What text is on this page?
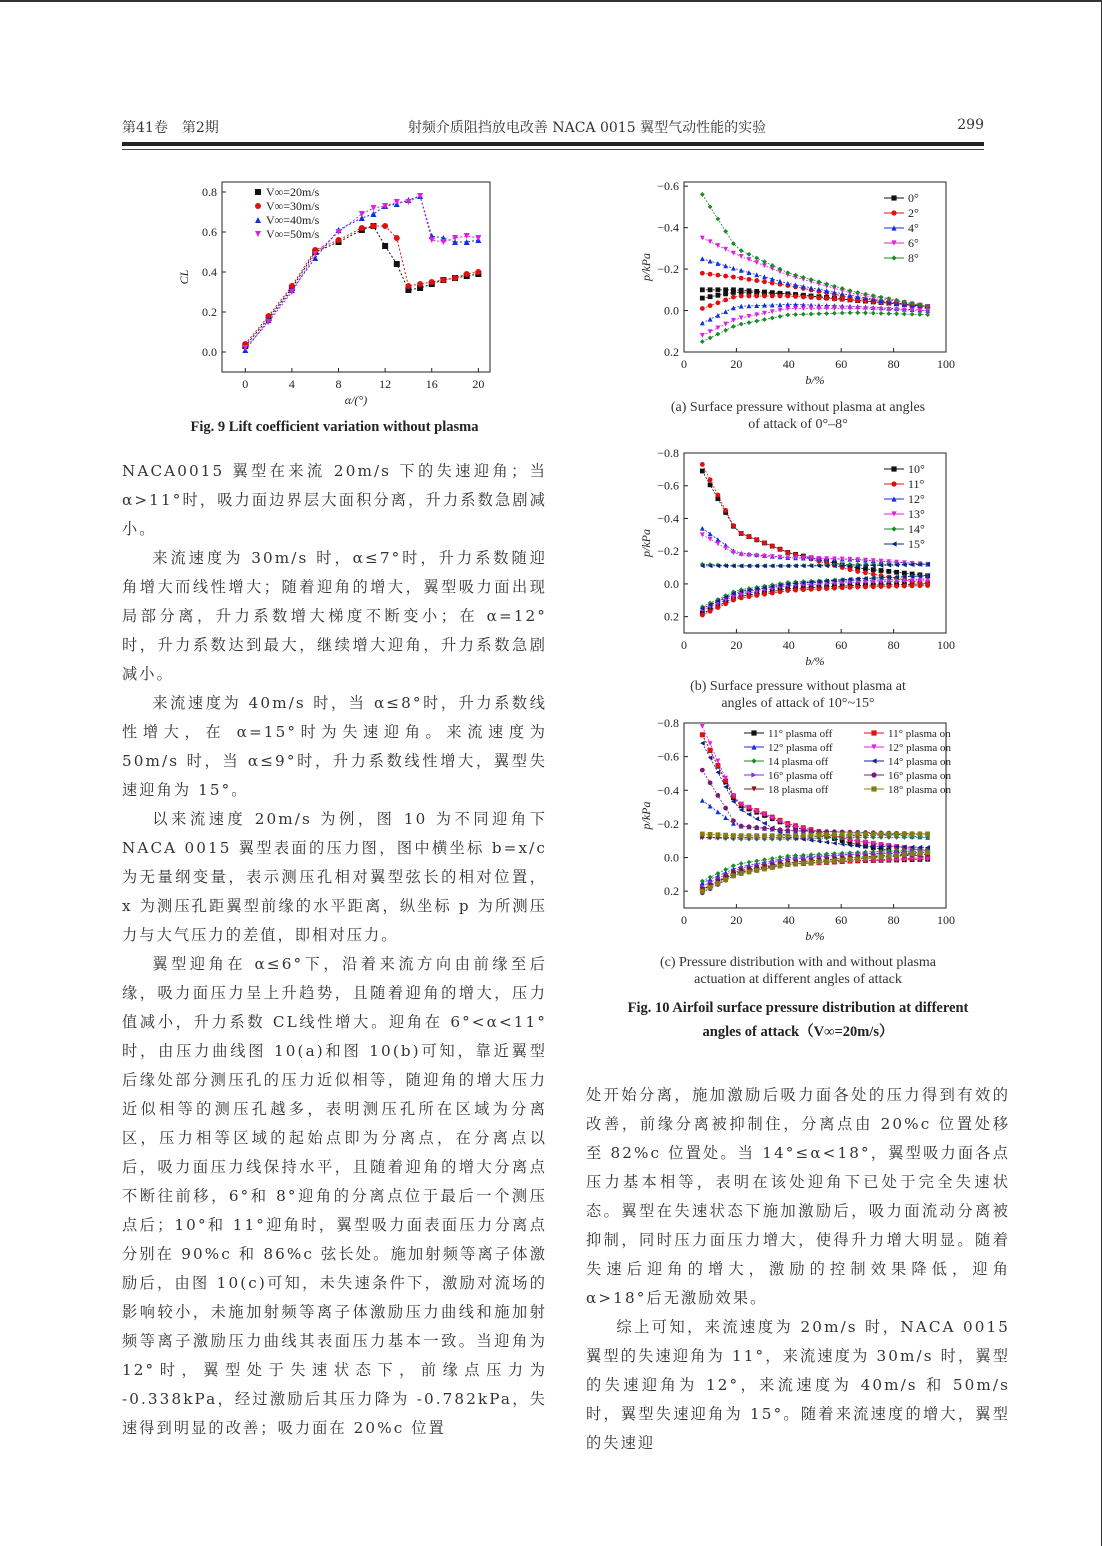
第41卷　第2期	射频介质阻挡放电改善 NACA 0015 翼型气动性能的实验	299
0	4	8	12	16	20
0.0
0.2
0.4
0.6
0.8
α/(°)
CL
V∞=20m/s
V∞=30m/s
V∞=40m/s
V∞=50m/s
Fig. 9 Lift coefficient variation without plasma
0	20	40	60	80	100
−0.6
−0.4
−0.2
0.0
0.2
b/%
p/kPa
0°
2°
4°
6°
8°
(a) Surface pressure without plasma at angles
of attack of 0°–8°
0	20	40	60	80	100
−0.8
−0.6
−0.4
−0.2
0.0
0.2
b/%
p/kPa
10°
11°
12°
13°
14°
15°
(b) Surface pressure without plasma at
angles of attack of 10°~15°
0	20	40	60	80	100
−0.8
−0.6
−0.4
−0.2
0.0
0.2
b/%
p/kPa
11° plasma off	11° plasma on
12° plasma off	12° plasma on
14 plasma off	14° plasma on
16° plasma off	16° plasma on
18 plasma off	18° plasma on
(c) Pressure distribution with and without plasma
actuation at different angles of attack
Fig. 10 Airfoil surface pressure distribution at different
angles of attack（V∞=20m/s）

NACA0015 翼型在来流 20m/s 下的失速迎角；当 α>11°时，吸力面边界层大面积分离，升力系数急剧减小。

来流速度为 30m/s 时，α≤7°时，升力系数随迎角增大而线性增大；随着迎角的增大，翼型吸力面出现局部分离，升力系数增大梯度不断变小；在 α=12°时，升力系数达到最大，继续增大迎角，升力系数急剧减小。

来流速度为 40m/s 时，当 α≤8°时，升力系数线性增大，在 α=15°时为失速迎角。来流速度为 50m/s 时，当 α≤9°时，升力系数线性增大，翼型失速迎角为 15°。

以来流速度 20m/s 为例，图 10 为不同迎角下 NACA 0015 翼型表面的压力图，图中横坐标 b=x/c 为无量纲变量，表示测压孔相对翼型弦长的相对位置，x 为测压孔距翼型前缘的水平距离，纵坐标 p 为所测压力与大气压力的差值，即相对压力。

翼型迎角在 α≤6°下，沿着来流方向由前缘至后缘，吸力面压力呈上升趋势，且随着迎角的增大，压力值减小，升力系数 CL线性增大。迎角在 6°<α<11°时，由压力曲线图 10(a)和图 10(b)可知，靠近翼型后缘处部分测压孔的压力近似相等，随迎角的增大压力近似相等的测压孔越多，表明测压孔所在区域为分离区，压力相等区域的起始点即为分离点，在分离点以后，吸力面压力线保持水平，且随着迎角的增大分离点不断往前移，6°和 8°迎角的分离点位于最后一个测压点后；10°和 11°迎角时，翼型吸力面表面压力分离点分别在 90%c 和 86%c 弦长处。施加射频等离子体激励后，由图 10(c)可知，未失速条件下，激励对流场的影响较小，未施加射频等离子体激励压力曲线和施加射频等离子激励压力曲线其表面压力基本一致。当迎角为 12°时，翼型处于失速状态下，前缘点压力为 -0.338kPa，经过激励后其压力降为 -0.782kPa，失速得到明显的改善；吸力面在 20%c 位置

处开始分离，施加激励后吸力面各处的压力得到有效的改善，前缘分离被抑制住，分离点由 20%c 位置处移至 82%c 位置处。当 14°≤α<18°，翼型吸力面各点压力基本相等，表明在该处迎角下已处于完全失速状态。翼型在失速状态下施加激励后，吸力面流动分离被抑制，同时压力面压力增大，使得升力增大明显。随着失速后迎角的增大，激励的控制效果降低，迎角 α>18°后无激励效果。

综上可知，来流速度为 20m/s 时，NACA 0015 翼型的失速迎角为 11°，来流速度为 30m/s 时，翼型的失速迎角为 12°，来流速度为 40m/s 和 50m/s 时，翼型失速迎角为 15°。随着来流速度的增大，翼型的失速迎
